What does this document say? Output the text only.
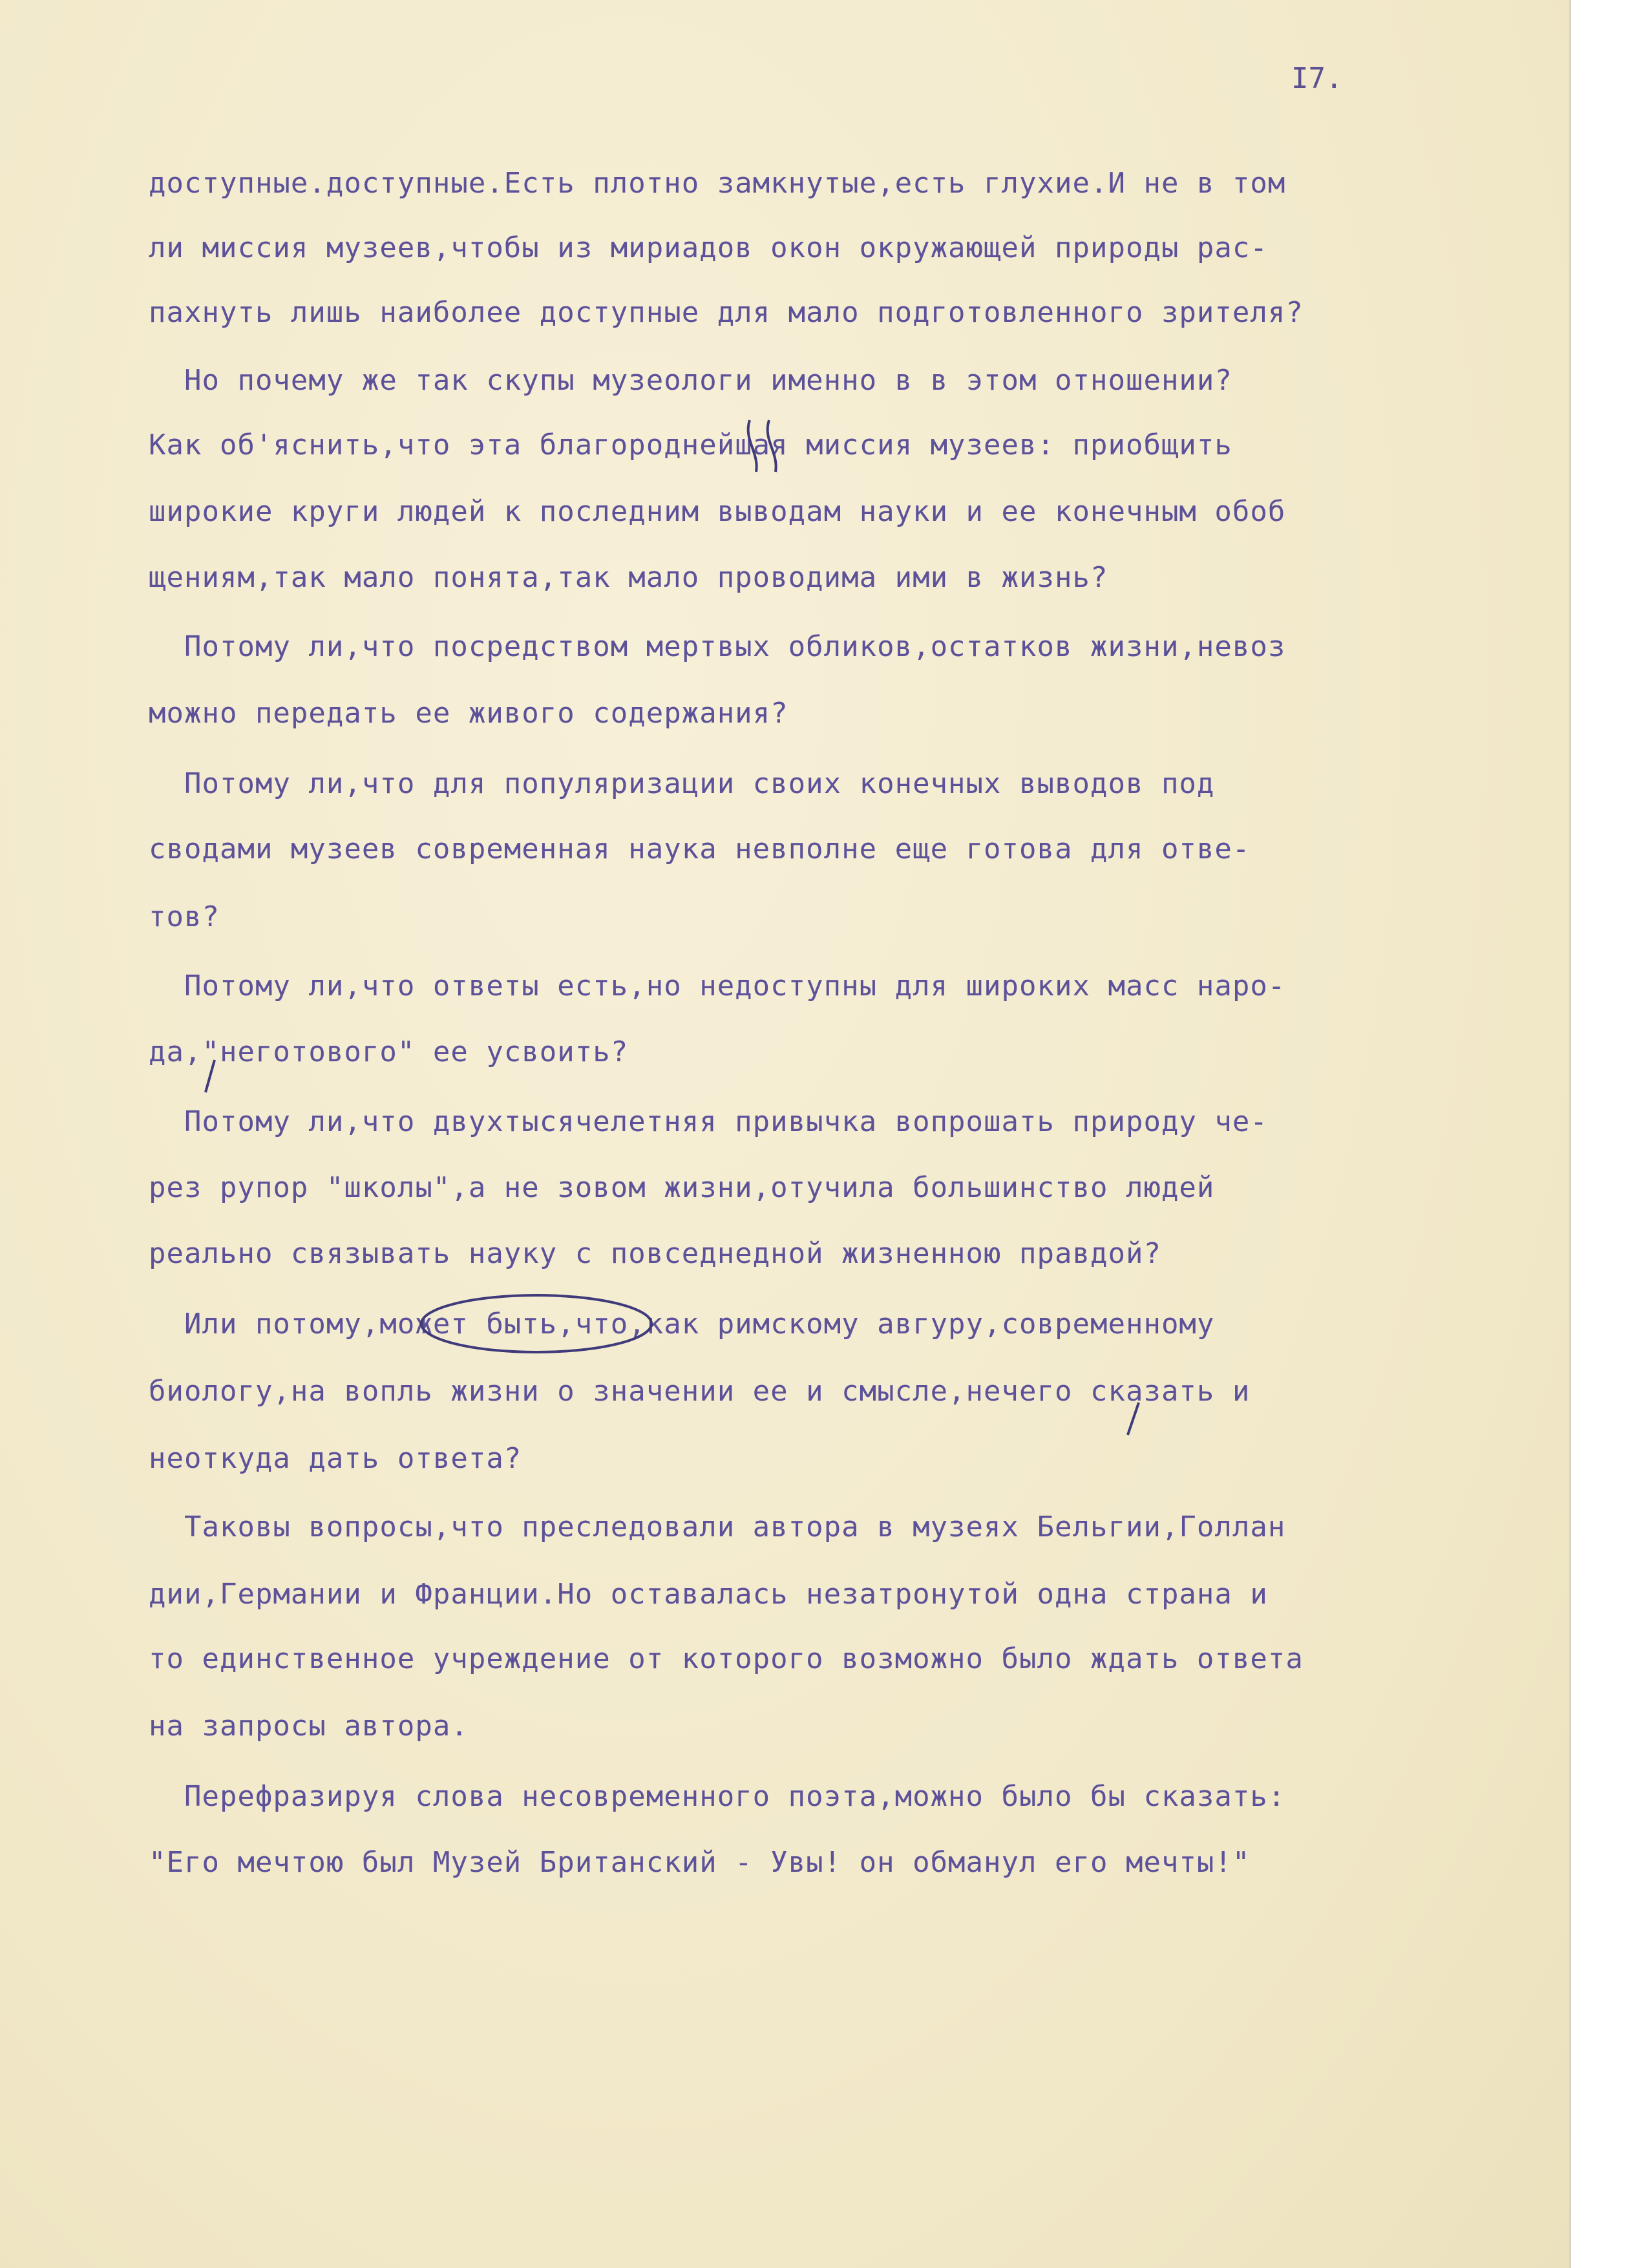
I7.
доступные.доступные.Есть плотно замкнутые,есть глухие.И не в том
ли миссия музеев,чтобы из мириадов окон окружающей природы рас-
пахнуть лишь наиболее доступные для мало подготовленного зрителя?
Но почему же так скупы музеологи именно в в этом отношении?
Как об'яснить,что эта благороднейшая миссия музеев: приобщить
широкие круги людей к последним выводам науки и ее конечным обоб
щениям,так мало понята,так мало проводима ими в жизнь?
Потому ли,что посредством мертвых обликов,остатков жизни,невоз
можно передать ее живого содержания?
Потому ли,что для популяризации своих конечных выводов под
сводами музеев современная наука невполне еще готова для отве-
тов?
Потому ли,что ответы есть,но недоступны для широких масс наро-
да,"неготового" ее усвоить?
Потому ли,что двухтысячелетняя привычка вопрошать природу че-
рез рупор "школы",а не зовом жизни,отучила большинство людей
реально связывать науку с повседнедной жизненною правдой?
Или потому,может быть,что,как римскому авгуру,современному
биологу,на вопль жизни о значении ее и смысле,нечего сказать и
неоткуда дать ответа?
Таковы вопросы,что преследовали автора в музеях Бельгии,Голлан
дии,Германии и Франции.Но оставалась незатронутой одна страна и
то единственное учреждение от которого возможно было ждать ответа
на запросы автора.
Перефразируя слова несовременного поэта,можно было бы сказать:
"Его мечтою был Музей Британский - Увы! он обманул его мечты!"
